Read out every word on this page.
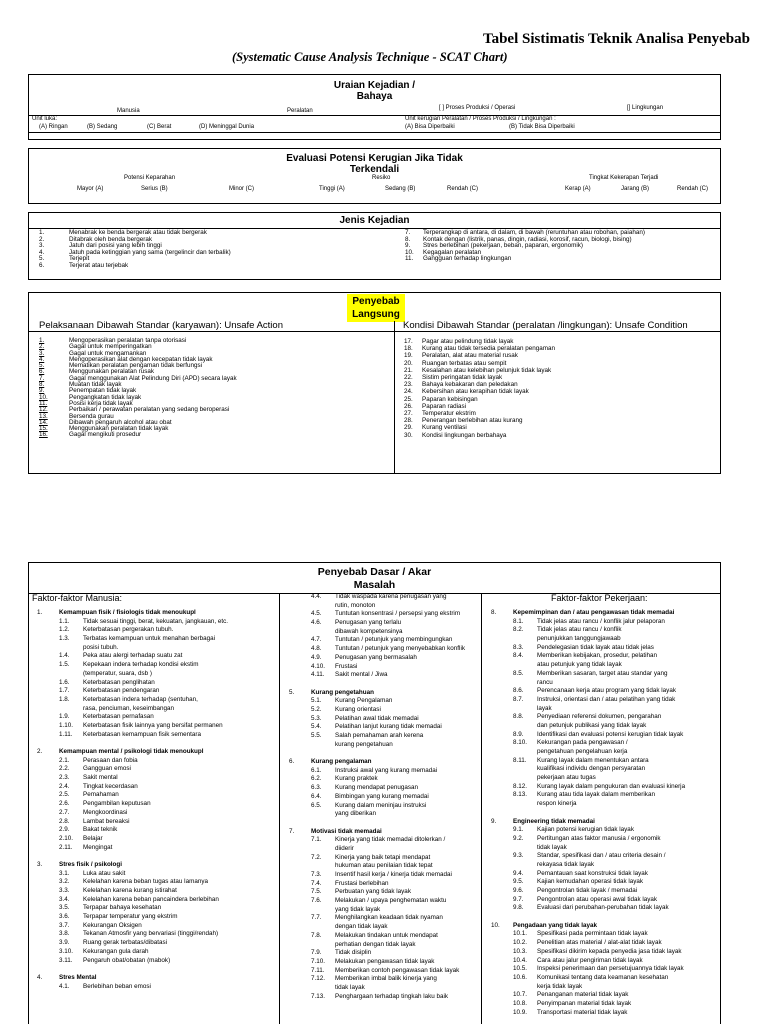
Tabel Sistimatis Teknik Analisa Penyebab
(Systematic Cause Analysis Technique - SCAT Chart)
Uraian Kejadian /
Bahaya
Manusia	Peralatan	[ ] Proses Produksi / Operasi	[] Lingkungan
Unit luka:	Unit kerugian Peralatan / Proses Produksi / Lingkungan :
(A) Ringan	(B) Sedang	(C) Berat	(D) Meninggal Dunia	(A) Bisa Diperbaiki	(B) Tidak Bisa Diperbaiki
Evaluasi Potensi Kerugian Jika Tidak
Terkendali
Potensi Keparahan	Resiko	Tingkat Kekerapan Terjadi
Mayor (A)	Serius (B)	Minor (C)	Tinggi (A)	Sedang (B)	Rendah (C)	Kerap (A)	Jarang (B)	Rendah (C)
Jenis Kejadian
1.	Menabrak ke benda bergerak atau tidak bergerak
2.	Ditabrak oleh benda bergerak
3.	Jatuh dari posisi yang lebih tinggi
4.	Jatuh pada ketinggian yang sama (tergelincir dan terbalik)
5.	Terjepit
6.	Terjerat atau terjebak
7. Terperangkap di antara, di dalam, di bawah (reruntuhan atau robohan, paiahan)
8. Kontak dengan (listrik, panas, dingin, radiasi, korosif, racun, biologi, bising)
9. Stres berlebihan (pekerjaan, beban, paparan, ergonomik)
10. Kegagalan peralatan
11. Gangguan terhadap lingkungan
Penyebab
Langsung
Pelaksanaan Dibawah Standar (karyawan): Unsafe Action	Kondisi Dibawah Standar (peralatan /lingkungan): Unsafe Condition
1.	Mengoperasikan peralatan tanpa otorisasi
2.	Gagal untuk memperingatkan
3.	Gagal untuk mengamankan
4.	Mengoperasikan alat dengan kecepatan tidak layak
5.	Mematikan peralatan pengaman tidak berfungsi
6.	Menggunakan peralatan rusak
7.	Gagal menggunakan Alat Pelindung Diri (APD) secara layak
8.	Muatan tidak layak
9.	Penempatan tidak layak
10.	Pengangkatan tidak layak
11.	Posisi kerja tidak layak
12.	Perbaikan / perawatan peralatan yang sedang beroperasi
13.	Bersenda gurau
14.	Dibawah pengaruh alcohol atau obat
15.	Menggunakan peralatan tidak layak
16.	Gagal mengikuti prosedur
17. Pagar atau pelindung tidak layak
18. Kurang atau tidak tersedia peralatan pengaman
19. Peralatan, alat atau material rusak
20. Ruangan terbatas atau sempit
21. Kesalahan atau kelebihan pelunjuk tidak layak
22. Sistim peringatan tidak layak
23. Bahaya kebakaran dan peledakan
24. Kebersihan atau kerapihan tidak layak
25. Paparan kebisingan
26. Paparan radiasi
27. Temperatur ekstrim
28. Penerangan berlebihan atau kurang
29. Kurang ventilasi
30. Kondisi lingkungan berbahaya
Penyebab Dasar / Akar
Masalah
Faktor-faktor Manusia:	Faktor-faktor Pekerjaan:
1.	Kemampuan fisik / fisiologis tidak menoukupl
1.1. Tidak sesuai tinggi, berat, kekuatan, jangkauan, etc.
1.2. Keterbatasan pergerakan tubuh.
1.3. Terbatas kemampuan untuk menahan berbagai
posisi tubuh.
1.4. Peka atau alergi terhadap suatu zat
1.5. Kepekaan indera terhadap kondisi ekstim
(temperatur, suara, dsb )
1.6. Keterbatasan penglihatan
1.7. Keterbatasan pendengaran
1.8. Keterbatasan indera terhadap (sentuhan,
rasa, penciuman, keseimbangan
1.9. Keterbatasan pernafasan
1.10. Keterbatasan fisik lainnya yang bersifat permanen
1.11. Keterbatasan kemampuan fisik sementara
2.	Kemampuan mental / psikologi tidak menoukupl
2.1. Perasaan dan fobia
2.2. Gangguan emosi
2.3. Sakit mental
2.4. Tingkat kecerdasan
2.5. Pemahaman
2.6. Pengambilan keputusan
2.7. Mengkoordinasi
2.8. Lambat bereaksi
2.9. Bakat teknik
2.10. Belajar
2.11. Mengingat
3.	Stres fisik / psikologi
3.1. Luka atau sakit
3.2. Kelelahan karena beban tugas atau lamanya
3.3. Kelelahan karena kurang istirahat
3.4. Kelelahan karena beban pancaindera berlebihan
3.5. Terpapar bahaya kesehatan
3.6. Terpapar temperatur yang ekstrim
3.7. Kekurangan Oksigen
3.8. Tekanan Atmosfir yang bervariasi (tinggi/rendah)
3.9. Ruang gerak terbatas/dibatasi
3.10. Kekurangan gula darah
3.11. Pengaruh obat/obatan (mabok)
4.	Stres Mental
4.1. Berlebihan beban emosi
4.4. Tidak waspada karena penugasan yang
rutin, monoton
4.5. Tuntutan konsentrasi / persepsi yang ekstrim
4.6. Penugasan yang terlalu
dibawah kompetensinya
4.7. Tuntutan / petunjuk yang membingungkan
4.8. Tuntutan / petunjuk yang menyebabkan konflik
4.9. Penugasan yang bermasalah
4.10. Frustasi
4.11. Sakit mental / Jiwa
5.	Kurang pengetahuan
5.1. Kurang Pengalaman
5.2. Kurang orientasi
5.3. Pelatihan awal tidak memadai
5.4. Pelatihan lanjut kurang tidak memadai
5.5. Salah pemahaman arah kerena
kurang pengetahuan
6.	Kurang pengalaman
6.1. Instruksi awal yang kurang memadai
6.2. Kurang praktek
6.3. Kurang mendapat penugasan
6.4. Bimbingan yang kurang memadai
6.5. Kurang dalam meninjau instruksi
yang diberikan
7.	Motivasi tidak memadai
7.1. Kinerja yang tidak memadai ditolerkan /
diiderir
7.2. Kinerja yang baik tetapi mendapat
hukuman atau penilaian tidak tepat
7.3. Insentif hasil kerja / kinerja tidak memadai
7.4. Frustasi berlebihan
7.5. Perbuatan yang tidak layak
7.6. Melakukan / upaya penghematan waktu
yang tidak layak
7.7. Menghilangkan keadaan tidak nyaman
dengan tidak layak
7.8. Melakukan tindakan untuk mendapat
perhatian dengan tidak layak
7.9. Tidak disiplin
7.10. Melakukan pengawasan tidak layak
7.11. Memberikan contoh pengawasan tidak layak
7.12. Memberikan imbal balik kinerja yang
tidak layak
7.13. Penghargaan terhadap tingkah laku baik
8.	Kepemimpinan dan / atau pengawasan tidak memadai
8.1. Tidak jelas atau rancu / konflik jalur pelaporan
8.2. Tidak jelas atau rancu / konflik
penunjukkan tanggungjawaab
8.3. Pendelegasian tidak layak atau tidak jelas
8.4. Memberikan kebijakan, prosedur, pelatihan
atau petunjuk yang tidak layak
8.5. Memberikan sasaran, target atau standar yang
rancu
8.6. Perencanaan kerja atau program yang tidak layak
8.7. Instruksi, orientasi dan / atau pelatihan yang tidak
layak
8.8. Penyediaan referensi dokumen, pengarahan
dan petunjuk publikasi yang tidak layak
8.9. Identifikasi dan evaluasi potensi kerugian tidak layak
8.10. Kekurangan pada pengawasan /
pengetahuan pengelahuan kerja
8.11. Kurang layak dalam menentukan antara
kualifikasi individu dengan persyaratan
pekerjaan atau tugas
8.12. Kurang layak dalam pengukuran dan evaluasi kinerja
8.13. Kurang atau tida layak dalam memberikan
respon kinerja
9.	Engineering tidak memadai
9.1. Kajian potensi kerugian tidak layak
9.2. Pertitungan atas faktor manusia / ergonomik
tidak layak
9.3. Standar, spesifikasi dan / atau criteria desain /
rekayasa tidak layak
9.4. Pemantauan saat konstruksi tidak layak
9.5. Kajian kemudahan operasi tidak layak
9.6. Pengontrolan tidak layak / memadai
9.7. Pengontrolan atau operasi awal tidak layak
9.8. Evaluasi dari perubahan-perubahan tidak layak
10. Pengadaan yang tidak layak
10.1. Spesifikasi pada permintaan tidak layak
10.2. Penelitian atas material / alat-alat tidak layak
10.3. Spesifikasi dikirim kepada penyedia jasa tidak layak
10.4. Cara atau jalur pengiriman tidak layak
10.5. Inspeksi penerimaan dan persetujuannya tidak layak
10.6. Komunikasi tentang data keamanan kesehatan
kerja tidak layak
10.7. Penanganan material tidak layak
10.8. Penyimpanan material tidak layak
10.9. Transportasi material tidak layak
